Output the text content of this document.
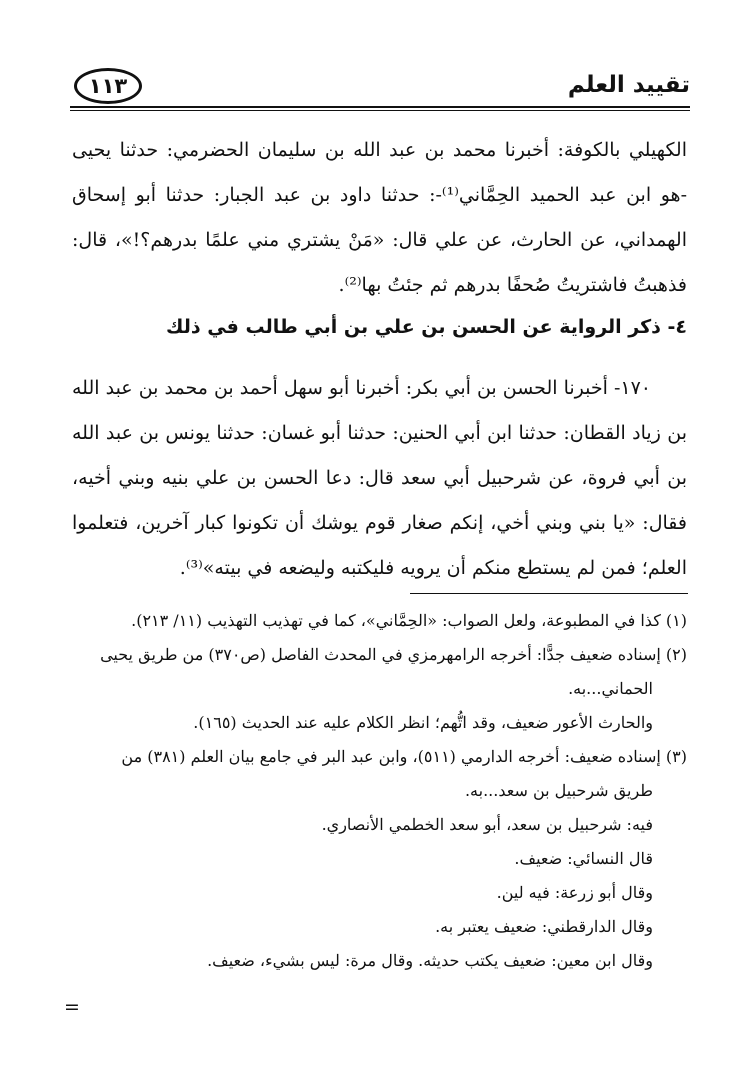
تقييد العلم
١١٣
الكهيلي بالكوفة: أخبرنا محمد بن عبد الله بن سليمان الحضرمي: حدثنا يحيى -هو ابن عبد الحميد الحِمَّاني⁽¹⁾-: حدثنا داود بن عبد الجبار: حدثنا أبو إسحاق الهمداني، عن الحارث، عن علي قال: «مَنْ يشتري مني علمًا بدرهم؟!»، قال: فذهبتُ فاشتريتُ صُحفًا بدرهم ثم جئتُ بها⁽²⁾.
٤- ذكر الرواية عن الحسن بن علي بن أبي طالب في ذلك
١٧٠- أخبرنا الحسن بن أبي بكر: أخبرنا أبو سهل أحمد بن محمد بن عبد الله بن زياد القطان: حدثنا ابن أبي الحنين: حدثنا أبو غسان: حدثنا يونس بن عبد الله بن أبي فروة، عن شرحبيل أبي سعد قال: دعا الحسن بن علي بنيه وبني أخيه، فقال: «يا بني وبني أخي، إنكم صغار قوم يوشك أن تكونوا كبار آخرين، فتعلموا العلم؛ فمن لم يستطع منكم أن يرويه فليكتبه وليضعه في بيته»⁽³⁾.
(١) كذا في المطبوعة، ولعل الصواب: «الحِمَّاني»، كما في تهذيب التهذيب (١١/ ٢١٣).
(٢) إسناده ضعيف جدًّا: أخرجه الرامهرمزي في المحدث الفاصل (ص٣٧٠) من طريق يحيى
الحماني...به.
والحارث الأعور ضعيف، وقد اتُّهم؛ انظر الكلام عليه عند الحديث (١٦٥).
(٣) إسناده ضعيف: أخرجه الدارمي (٥١١)، وابن عبد البر في جامع بيان العلم (٣٨١) من
طريق شرحبيل بن سعد...به.
فيه: شرحبيل بن سعد، أبو سعد الخطمي الأنصاري.
قال النسائي: ضعيف.
وقال أبو زرعة: فيه لين.
وقال الدارقطني: ضعيف يعتبر به.
وقال ابن معين: ضعيف يكتب حديثه. وقال مرة: ليس بشيء، ضعيف.
=
